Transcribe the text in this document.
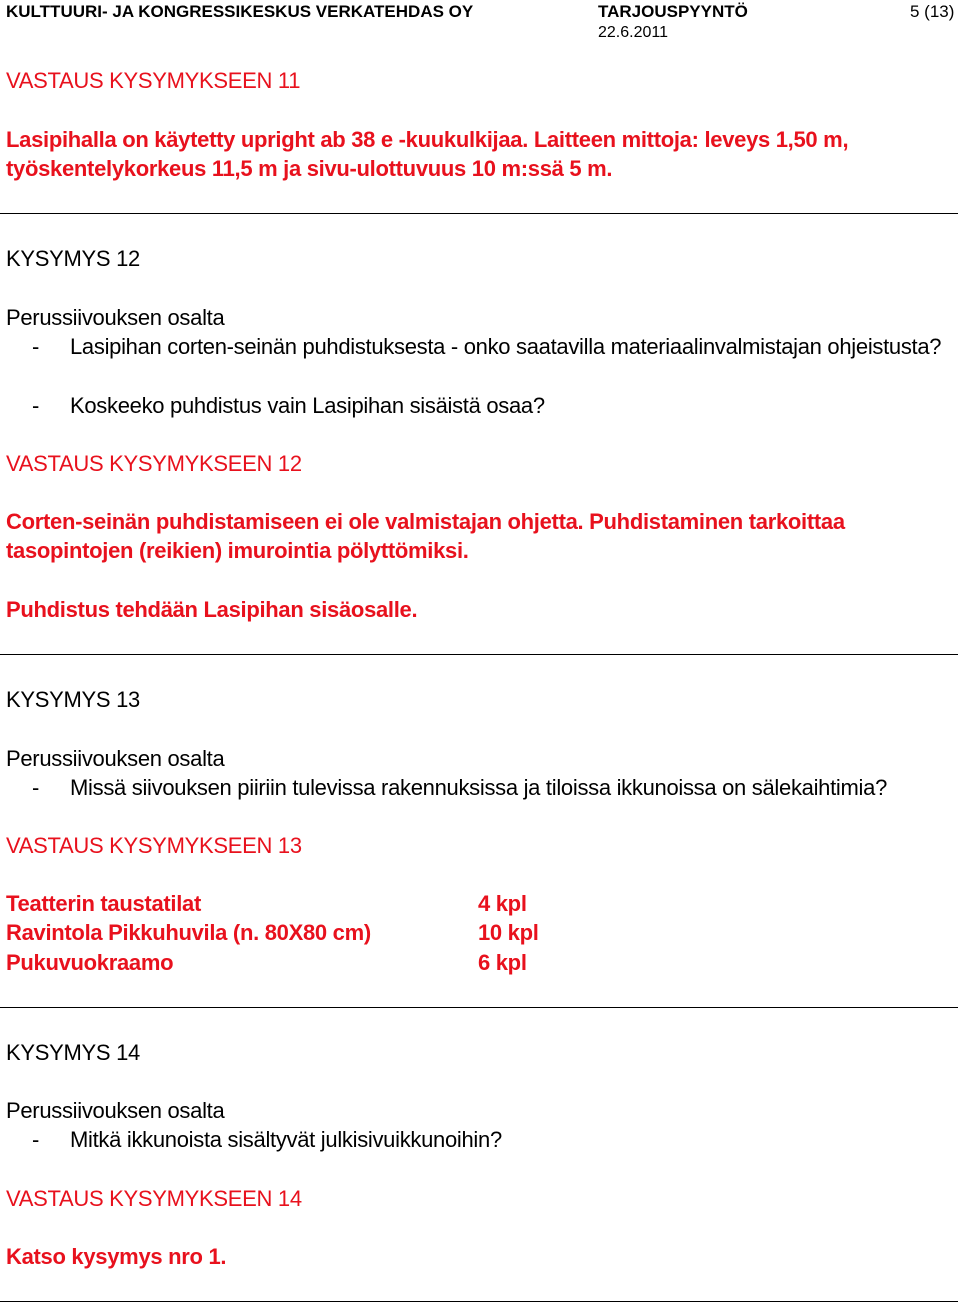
KULTTUURI- JA KONGRESSIKESKUS VERKATEHDAS OY	TARJOUSPYYNTÖ	5 (13)
22.6.2011
VASTAUS KYSYMYKSEEN 11
Lasipihalla on käytetty upright ab 38 e -kuukulkijaa. Laitteen mittoja: leveys 1,50 m, työskentelykorkeus 11,5 m ja sivu-ulottuvuus 10 m:ssä 5 m.
KYSYMYS 12
Perussiivouksen osalta
-	Lasipihan corten-seinän puhdistuksesta - onko saatavilla materiaalinvalmistajan ohjeistusta?
-	Koskeeko puhdistus vain Lasipihan sisäistä osaa?
VASTAUS KYSYMYKSEEN 12
Corten-seinän puhdistamiseen ei ole valmistajan ohjetta. Puhdistaminen tarkoittaa tasopintojen (reikien) imurointia pölyttömiksi.
Puhdistus tehdään Lasipihan sisäosalle.
KYSYMYS 13
Perussiivouksen osalta
-	Missä siivouksen piiriin tulevissa rakennuksissa ja tiloissa ikkunoissa on sälekaihtimia?
VASTAUS KYSYMYKSEEN 13
Teatterin taustatilat	4 kpl
Ravintola Pikkuhuvila (n. 80X80 cm)	10 kpl
Pukuvuokraamo	6 kpl
KYSYMYS 14
Perussiivouksen osalta
-	Mitkä ikkunoista sisältyvät julkisivuikkunoihin?
VASTAUS KYSYMYKSEEN 14
Katso kysymys nro 1.
